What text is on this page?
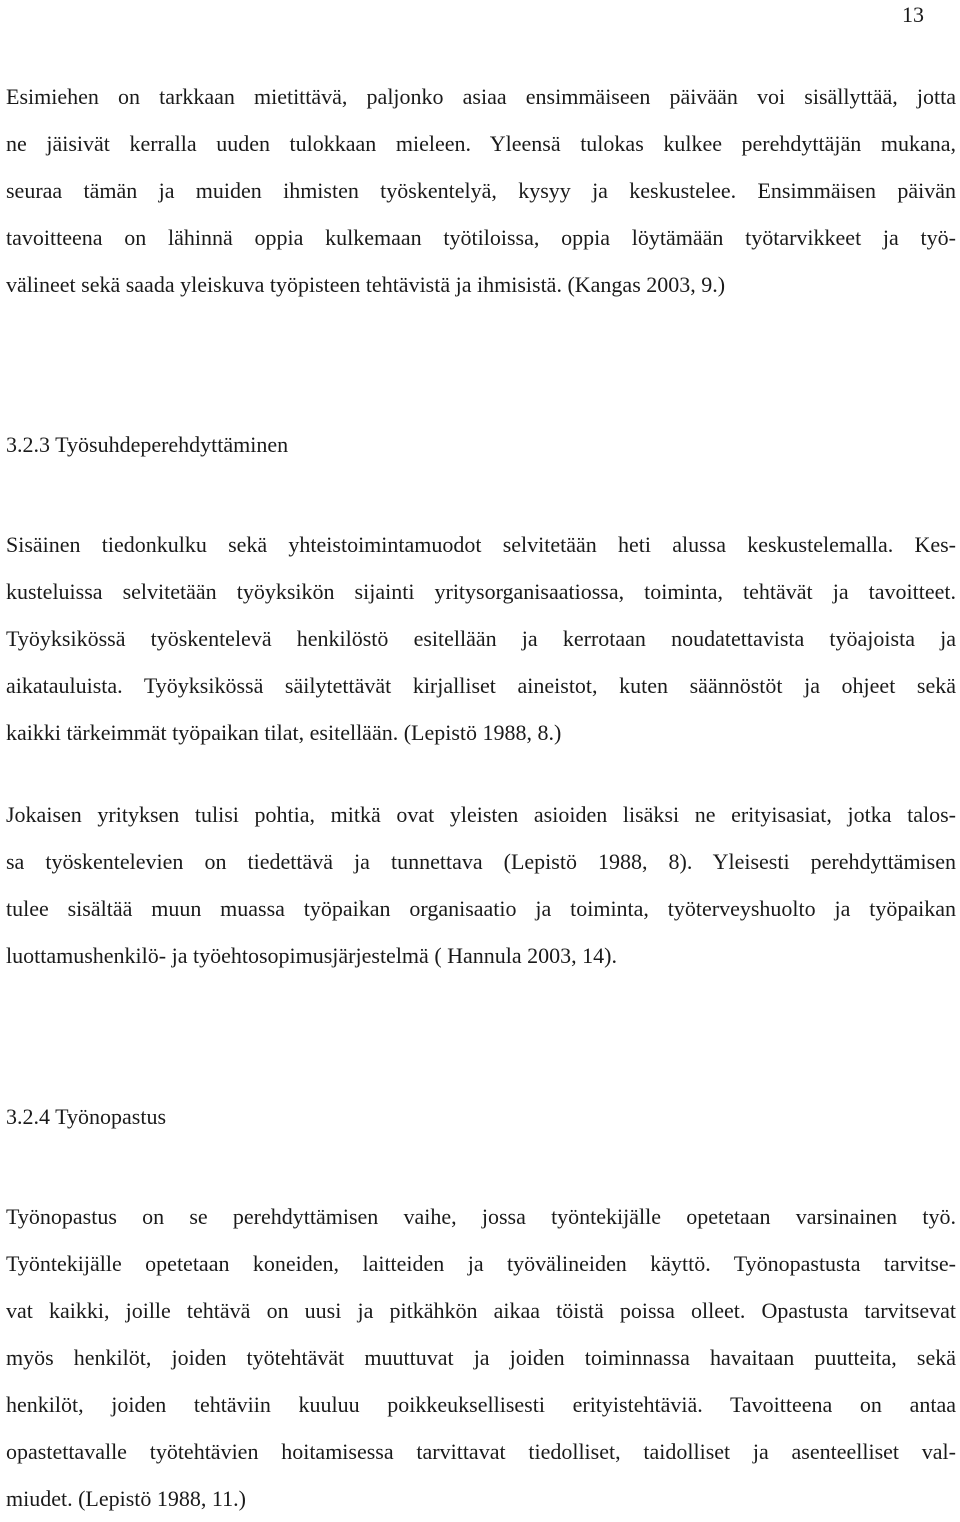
13

Esimiehen on tarkkaan mietittävä, paljonko asiaa ensimmäiseen päivään voi sisällyttää, jotta
ne jäisivät kerralla uuden tulokkaan mieleen. Yleensä tulokas kulkee perehdyttäjän mukana,
seuraa tämän ja muiden ihmisten työskentelyä, kysyy ja keskustelee. Ensimmäisen päivän
tavoitteena on lähinnä oppia kulkemaan työtiloissa, oppia löytämään työtarvikkeet ja työ-
välineet sekä saada yleiskuva työpisteen tehtävistä ja ihmisistä. (Kangas 2003, 9.)

3.2.3 Työsuhdeperehdyttäminen

Sisäinen tiedonkulku sekä yhteistoimintamuodot selvitetään heti alussa keskustelemalla. Kes-
kusteluissa selvitetään työyksikön sijainti yritysorganisaatiossa, toiminta, tehtävät ja tavoitteet.
Työyksikössä työskentelevä henkilöstö esitellään ja kerrotaan noudatettavista työajoista ja
aikatauluista. Työyksikössä säilytettävät kirjalliset aineistot, kuten säännöstöt ja ohjeet sekä
kaikki tärkeimmät työpaikan tilat, esitellään. (Lepistö 1988, 8.)

Jokaisen yrityksen tulisi pohtia, mitkä ovat yleisten asioiden lisäksi ne erityisasiat, jotka talos-
sa työskentelevien on tiedettävä ja tunnettava (Lepistö 1988, 8). Yleisesti perehdyttämisen
tulee sisältää muun muassa työpaikan organisaatio ja toiminta, työterveyshuolto ja työpaikan
luottamushenkilö- ja työehtosopimusjärjestelmä ( Hannula 2003, 14).

3.2.4 Työnopastus

Työnopastus on se perehdyttämisen vaihe, jossa työntekijälle opetetaan varsinainen työ.
Työntekijälle opetetaan koneiden, laitteiden ja työvälineiden käyttö. Työnopastusta tarvitse-
vat kaikki, joille tehtävä on uusi ja pitkähkön aikaa töistä poissa olleet. Opastusta tarvitsevat
myös henkilöt, joiden työtehtävät muuttuvat ja joiden toiminnassa havaitaan puutteita, sekä
henkilöt, joiden tehtäviin kuuluu poikkeuksellisesti erityistehtäviä. Tavoitteena on antaa
opastettavalle työtehtävien hoitamisessa tarvittavat tiedolliset, taidolliset ja asenteelliset val-
miudet. (Lepistö 1988, 11.)
